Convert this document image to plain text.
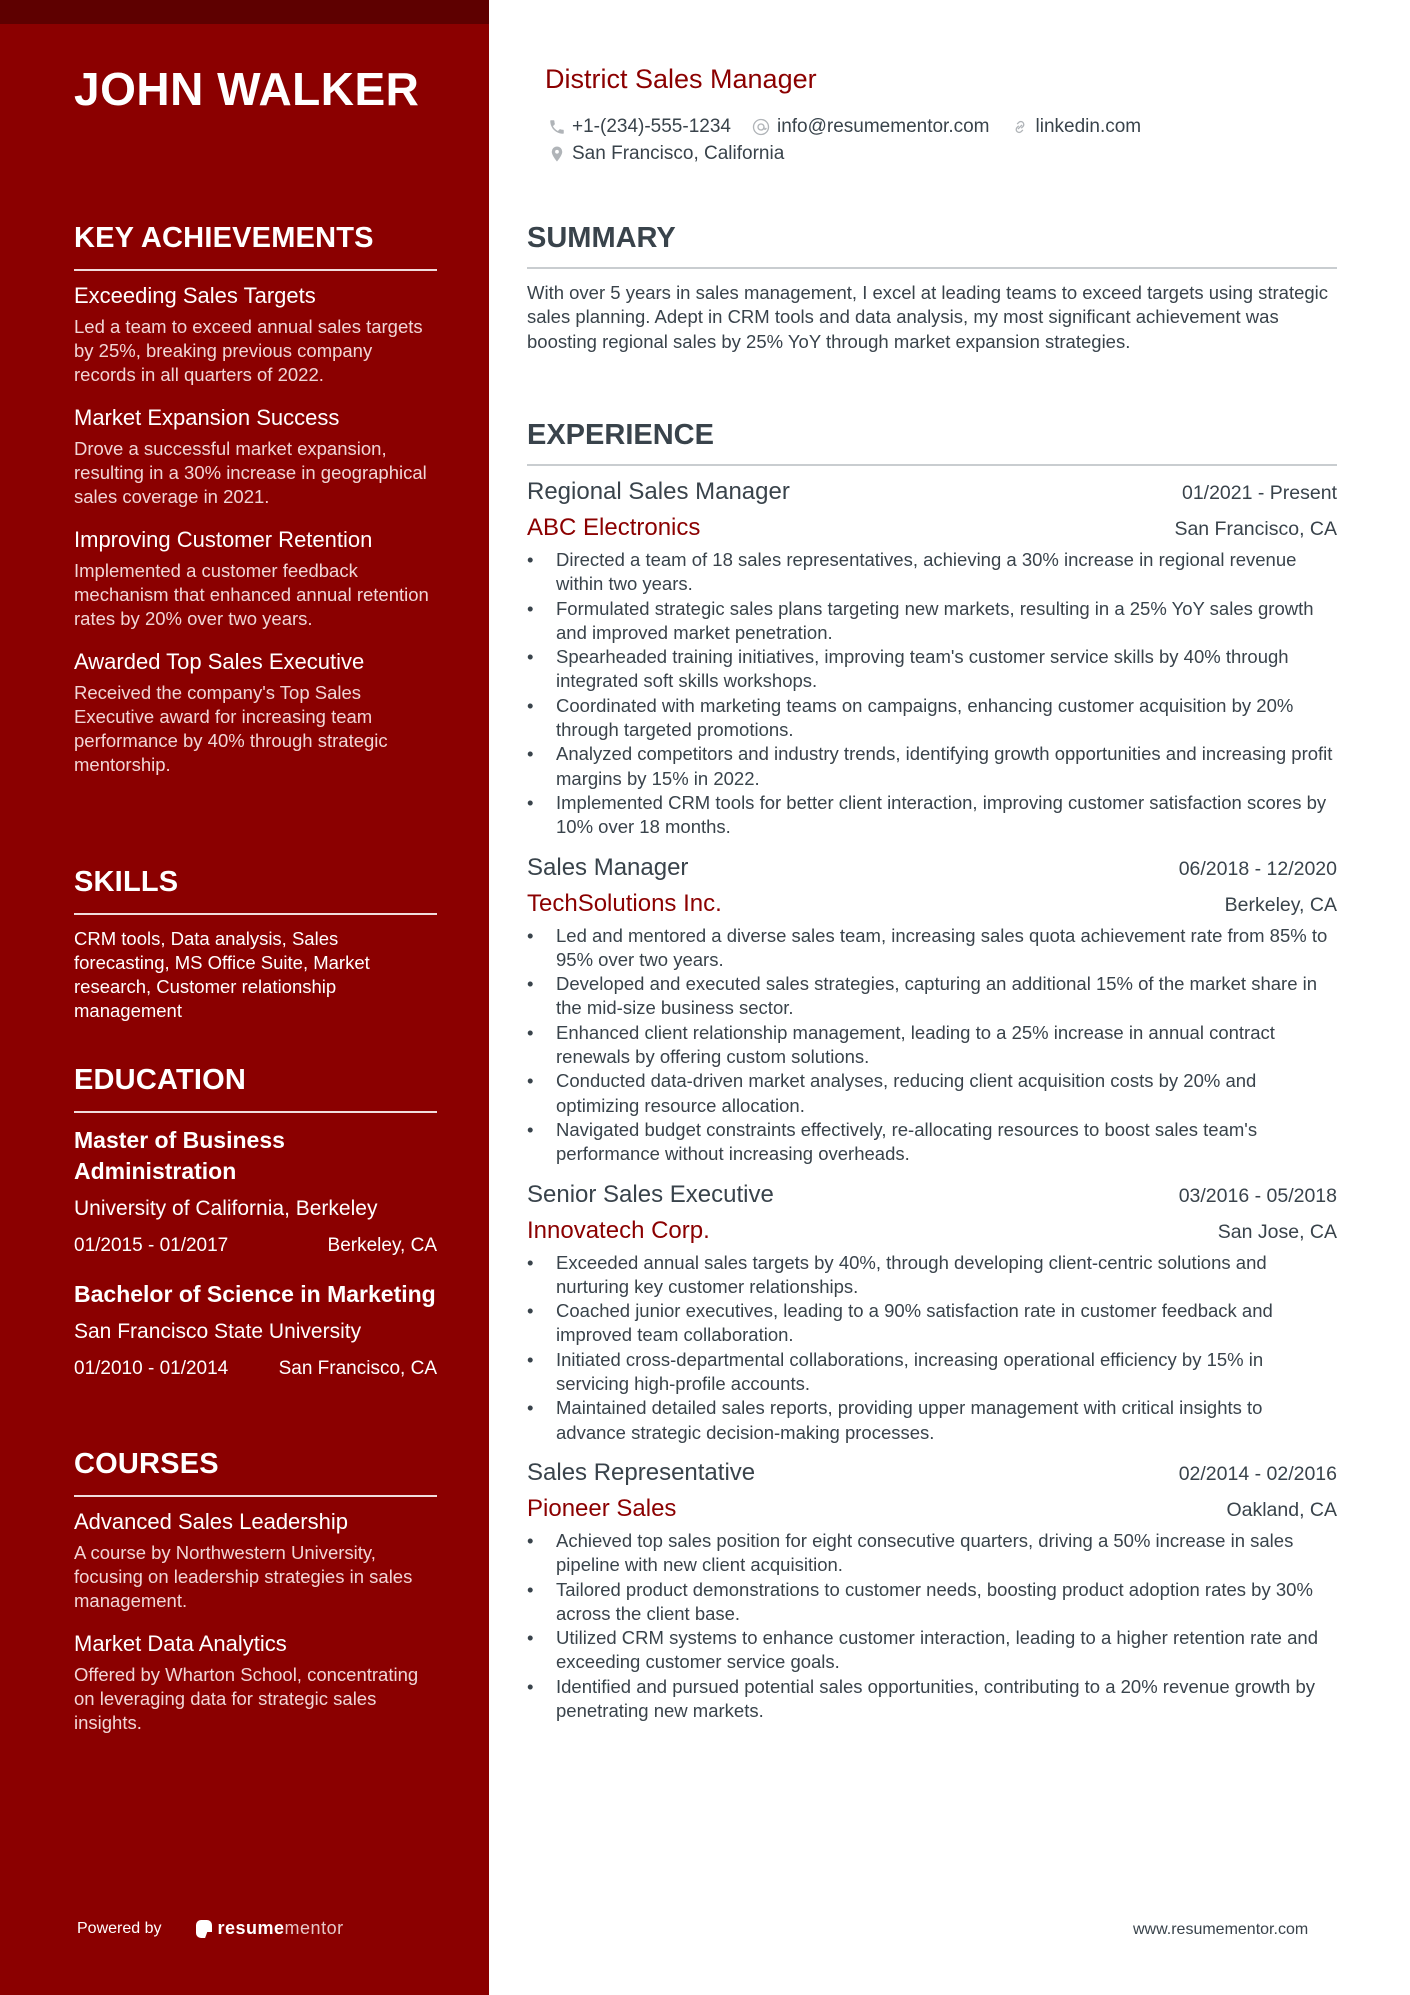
JOHN WALKER
KEY ACHIEVEMENTS
Exceeding Sales Targets
Led a team to exceed annual sales targets by 25%, breaking previous company records in all quarters of 2022.
Market Expansion Success
Drove a successful market expansion, resulting in a 30% increase in geographical sales coverage in 2021.
Improving Customer Retention
Implemented a customer feedback mechanism that enhanced annual retention rates by 20% over two years.
Awarded Top Sales Executive
Received the company's Top Sales Executive award for increasing team performance by 40% through strategic mentorship.
SKILLS
CRM tools, Data analysis, Sales forecasting, MS Office Suite, Market research, Customer relationship management
EDUCATION
Master of Business Administration
University of California, Berkeley
01/2015 - 01/2017	Berkeley, CA
Bachelor of Science in Marketing
San Francisco State University
01/2010 - 01/2014	San Francisco, CA
COURSES
Advanced Sales Leadership
A course by Northwestern University, focusing on leadership strategies in sales management.
Market Data Analytics
Offered by Wharton School, concentrating on leveraging data for strategic sales insights.
Powered by	resume mentor
District Sales Manager
+1-(234)-555-1234 info@resumementor.com linkedin.com
San Francisco, California
SUMMARY

With over 5 years in sales management, I excel at leading teams to exceed targets using strategic sales planning. Adept in CRM tools and data analysis, my most significant achievement was boosting regional sales by 25% YoY through market expansion strategies.

EXPERIENCE
Regional Sales Manager	01/2021 - Present
ABC Electronics	San Francisco, CA
• Directed a team of 18 sales representatives, achieving a 30% increase in regional revenue within two years.
• Formulated strategic sales plans targeting new markets, resulting in a 25% YoY sales growth and improved market penetration.
• Spearheaded training initiatives, improving team's customer service skills by 40% through integrated soft skills workshops.
• Coordinated with marketing teams on campaigns, enhancing customer acquisition by 20% through targeted promotions.
• Analyzed competitors and industry trends, identifying growth opportunities and increasing profit margins by 15% in 2022.
• Implemented CRM tools for better client interaction, improving customer satisfaction scores by 10% over 18 months.
Sales Manager	06/2018 - 12/2020
TechSolutions Inc.	Berkeley, CA
• Led and mentored a diverse sales team, increasing sales quota achievement rate from 85% to 95% over two years.
• Developed and executed sales strategies, capturing an additional 15% of the market share in the mid-size business sector.
• Enhanced client relationship management, leading to a 25% increase in annual contract renewals by offering custom solutions.
• Conducted data-driven market analyses, reducing client acquisition costs by 20% and optimizing resource allocation.
• Navigated budget constraints effectively, re-allocating resources to boost sales team's performance without increasing overheads.
Senior Sales Executive	03/2016 - 05/2018
Innovatech Corp.	San Jose, CA
• Exceeded annual sales targets by 40%, through developing client-centric solutions and nurturing key customer relationships.
• Coached junior executives, leading to a 90% satisfaction rate in customer feedback and improved team collaboration.
• Initiated cross-departmental collaborations, increasing operational efficiency by 15% in servicing high-profile accounts.
• Maintained detailed sales reports, providing upper management with critical insights to advance strategic decision-making processes.
Sales Representative	02/2014 - 02/2016
Pioneer Sales	Oakland, CA
• Achieved top sales position for eight consecutive quarters, driving a 50% increase in sales pipeline with new client acquisition.
• Tailored product demonstrations to customer needs, boosting product adoption rates by 30% across the client base.
• Utilized CRM systems to enhance customer interaction, leading to a higher retention rate and exceeding customer service goals.
• Identified and pursued potential sales opportunities, contributing to a 20% revenue growth by penetrating new markets.
www.resumementor.com
